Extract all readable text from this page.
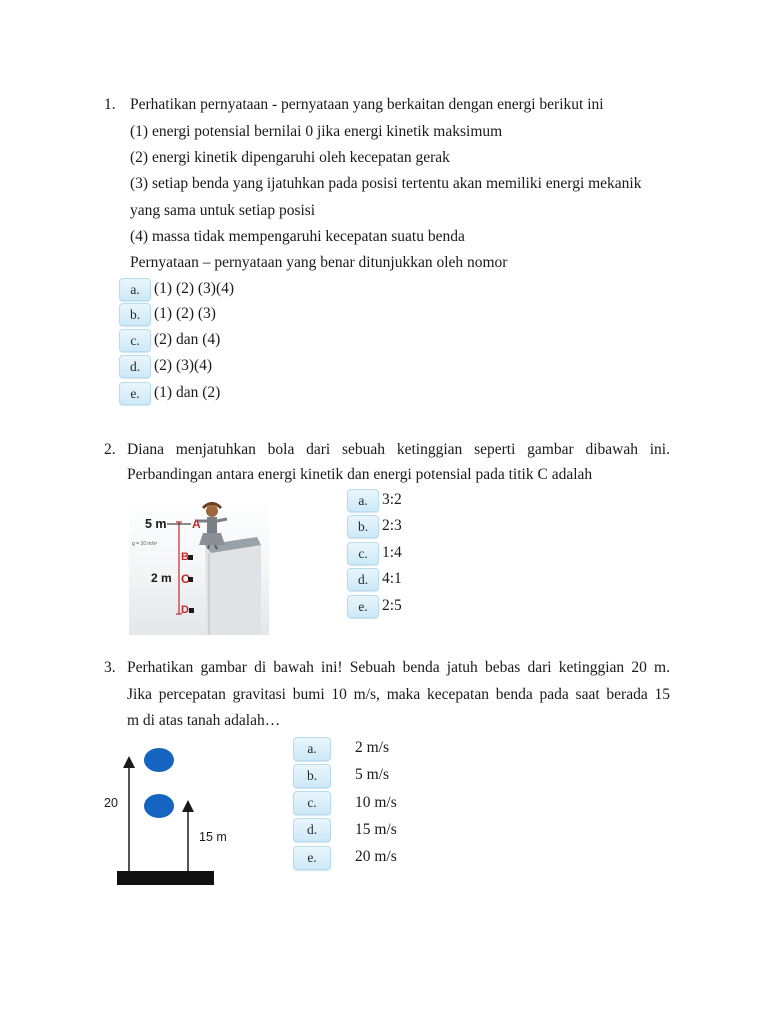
1. Perhatikan pernyataan - pernyataan yang berkaitan dengan energi berikut ini
(1) energi potensial bernilai 0 jika energi kinetik maksimum
(2) energi kinetik dipengaruhi oleh kecepatan gerak
(3) setiap benda yang ijatuhkan pada posisi tertentu akan memiliki energi mekanik
yang sama untuk setiap posisi
(4) massa tidak mempengaruhi kecepatan suatu benda
Pernyataan – pernyataan yang benar ditunjukkan oleh nomor
a. (1) (2) (3)(4)
b. (1) (2) (3)
c. (2) dan (4)
d. (2) (3)(4)
e. (1) dan (2)
2. Diana menjatuhkan bola dari sebuah ketinggian seperti gambar dibawah ini.
Perbandingan antara energi kinetik dan energi potensial pada titik C adalah
5 m A
g = 10 m/s²
B
2 m C
D
a. 3:2
b. 2:3
c. 1:4
d. 4:1
e. 2:5
3. Perhatikan gambar di bawah ini! Sebuah benda jatuh bebas dari ketinggian 20 m.
Jika percepatan gravitasi bumi 10 m/s, maka kecepatan benda pada saat berada 15
m di atas tanah adalah…
20
15 m
a.	2 m/s
b.	5 m/s
c.	10 m/s
d.	15 m/s
e.	20 m/s
